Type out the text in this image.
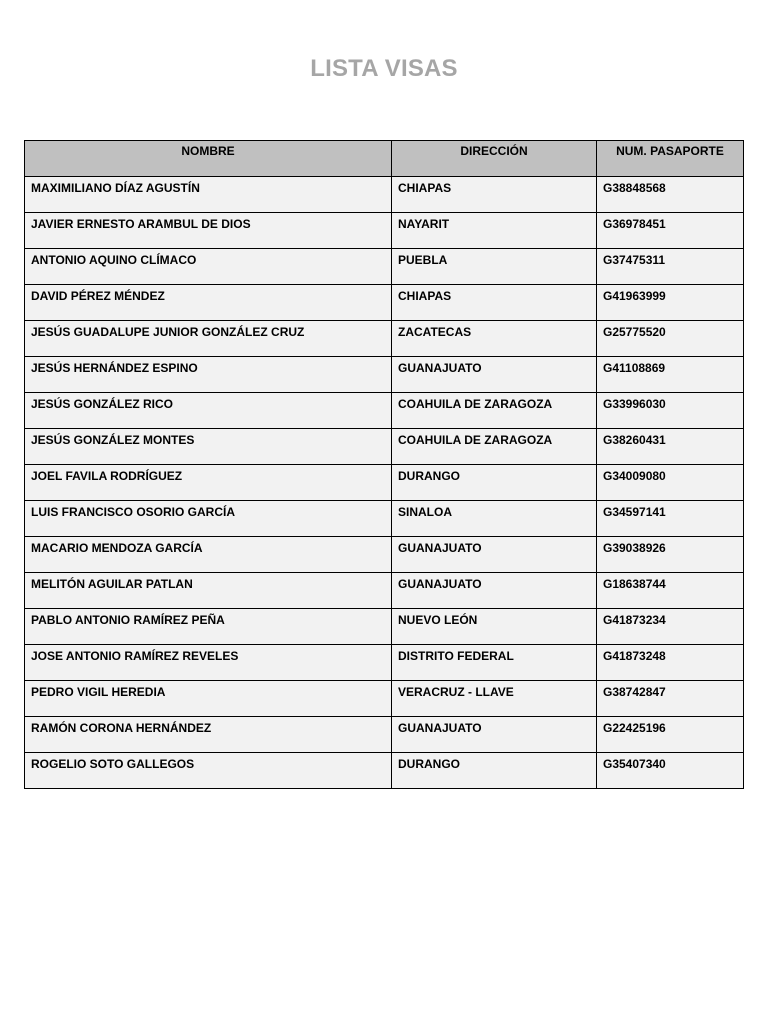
LISTA VISAS
NOMBRE	DIRECCIÓN	NUM. PASAPORTE
MAXIMILIANO DÍAZ AGUSTÍN	CHIAPAS	G38848568
JAVIER ERNESTO ARAMBUL DE DIOS	NAYARIT	G36978451
ANTONIO AQUINO CLÍMACO	PUEBLA	G37475311
DAVID PÉREZ MÉNDEZ	CHIAPAS	G41963999
JESÚS GUADALUPE JUNIOR GONZÁLEZ CRUZ	ZACATECAS	G25775520
JESÚS HERNÁNDEZ ESPINO	GUANAJUATO	G41108869
JESÚS GONZÁLEZ RICO	COAHUILA DE ZARAGOZA	G33996030
JESÚS GONZÁLEZ MONTES	COAHUILA DE ZARAGOZA	G38260431
JOEL FAVILA RODRÍGUEZ	DURANGO	G34009080
LUIS FRANCISCO OSORIO GARCÍA	SINALOA	G34597141
MACARIO MENDOZA GARCÍA	GUANAJUATO	G39038926
MELITÓN AGUILAR PATLAN	GUANAJUATO	G18638744
PABLO ANTONIO RAMÍREZ PEÑA	NUEVO LEÓN	G41873234
JOSE ANTONIO RAMÍREZ REVELES	DISTRITO FEDERAL	G41873248
PEDRO VIGIL HEREDIA	VERACRUZ - LLAVE	G38742847
RAMÓN CORONA HERNÁNDEZ	GUANAJUATO	G22425196
ROGELIO SOTO GALLEGOS	DURANGO	G35407340
